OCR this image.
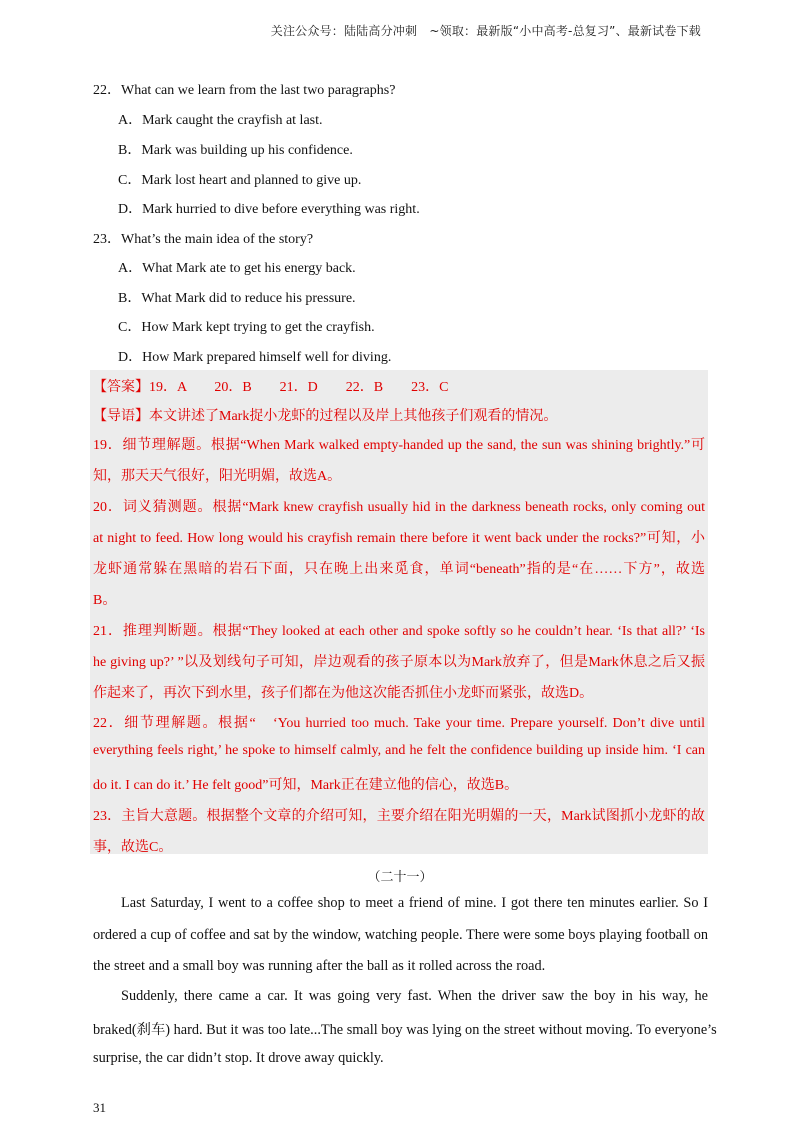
关注公众号：陆陆高分冲刺　~领取：最新版“小中高考-总复习”、最新试卷下载
22．What can we learn from the last two paragraphs?
A．Mark caught the crayfish at last.
B．Mark was building up his confidence.
C．Mark lost heart and planned to give up.
D．Mark hurried to dive before everything was right.
23．What’s the main idea of the story?
A．What Mark ate to get his energy back.
B．What Mark did to reduce his pressure.
C．How Mark kept trying to get the crayfish.
D．How Mark prepared himself well for diving.
【答案】19．A　　20．B　　21．D　　22．B　　23．C
【导语】本文讲述了Mark捉小龙虾的过程以及岸上其他孩子们观看的情况。
19．细节理解题。根据“When Mark walked empty-handed up the sand, the sun was shining brightly.”可
知，那天天气很好，阳光明媚，故选A。
20．词义猜测题。根据“Mark knew crayfish usually hid in the darkness beneath rocks, only coming out
at night to feed. How long would his crayfish remain there before it went back under the rocks?”可知，小
龙虾通常躲在黑暗的岩石下面，只在晚上出来觅食，单词“beneath”指的是“在……下方”，故选
B。
21．推理判断题。根据“They looked at each other and spoke softly so he couldn’t hear. ‘Is that all?’ ‘Is
he giving up?’ ”以及划线句子可知，岸边观看的孩子原本以为Mark放弃了，但是Mark休息之后又振
作起来了，再次下到水里，孩子们都在为他这次能否抓住小龙虾而紧张，故选D。
22．细节理解题。根据“　‘You hurried too much. Take your time. Prepare yourself. Don’t dive until
everything feels right,’ he spoke to himself calmly, and he felt the confidence building up inside him. ‘I can
do it. I can do it.’ He felt good”可知，Mark正在建立他的信心，故选B。
23．主旨大意题。根据整个文章的介绍可知，主要介绍在阳光明媚的一天，Mark试图抓小龙虾的故
事，故选C。
（二十一）
Last Saturday, I went to a coffee shop to meet a friend of mine. I got there ten minutes earlier. So I
ordered a cup of coffee and sat by the window, watching people. There were some boys playing football on
the street and a small boy was running after the ball as it rolled across the road.
Suddenly, there came a car. It was going very fast. When the driver saw the boy in his way, he
braked(刹车) hard. But it was too late...The small boy was lying on the street without moving. To everyone’s
surprise, the car didn’t stop. It drove away quickly.
31
